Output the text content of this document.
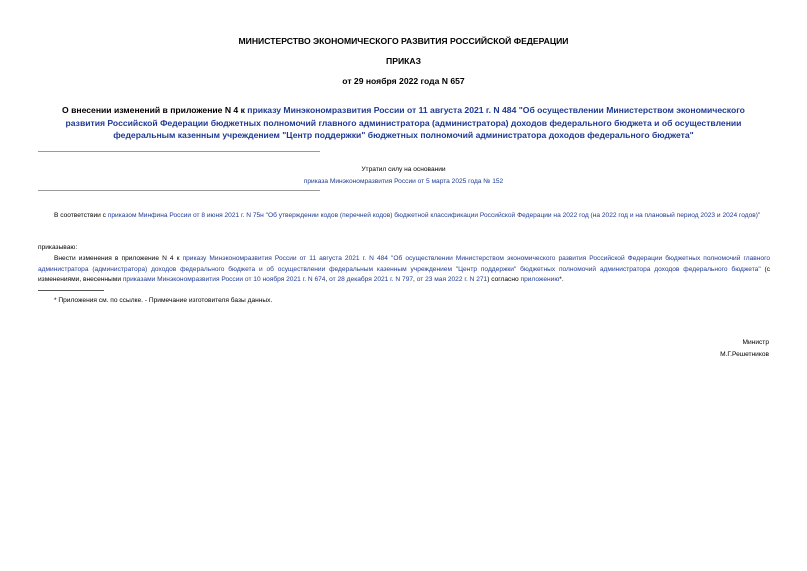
МИНИСТЕРСТВО ЭКОНОМИЧЕСКОГО РАЗВИТИЯ РОССИЙСКОЙ ФЕДЕРАЦИИ
ПРИКАЗ
от 29 ноября 2022 года N 657
О внесении изменений в приложение N 4 к приказу Минэкономразвития России от 11 августа 2021 г. N 484 "Об осуществлении Министерством экономического развития Российской Федерации бюджетных полномочий главного администратора (администратора) доходов федерального бюджета и об осуществлении федеральным казенным учреждением "Центр поддержки" бюджетных полномочий администратора доходов федерального бюджета"
Утратил силу на основании
приказа Минэкономразвития России от 5 марта 2025 года № 152
В соответствии с приказом Минфина России от 8 июня 2021 г. N 75н "Об утверждении кодов (перечней кодов) бюджетной классификации Российской Федерации на 2022 год (на 2022 год и на плановый период 2023 и 2024 годов)"
приказываю:
Внести изменения в приложение N 4 к приказу Минэкономразвития России от 11 августа 2021 г. N 484 "Об осуществлении Министерством экономического развития Российской Федерации бюджетных полномочий главного администратора (администратора) доходов федерального бюджета и об осуществлении федеральным казенным учреждением "Центр поддержки" бюджетных полномочий администратора доходов федерального бюджета" (с изменениями, внесенными приказами Минэкономразвития России от 10 ноября 2021 г. N 674, от 28 декабря 2021 г. N 797, от 23 мая 2022 г. N 271) согласно приложению*.
* Приложения см. по ссылке. - Примечание изготовителя базы данных.
Министр
М.Г.Решетников
